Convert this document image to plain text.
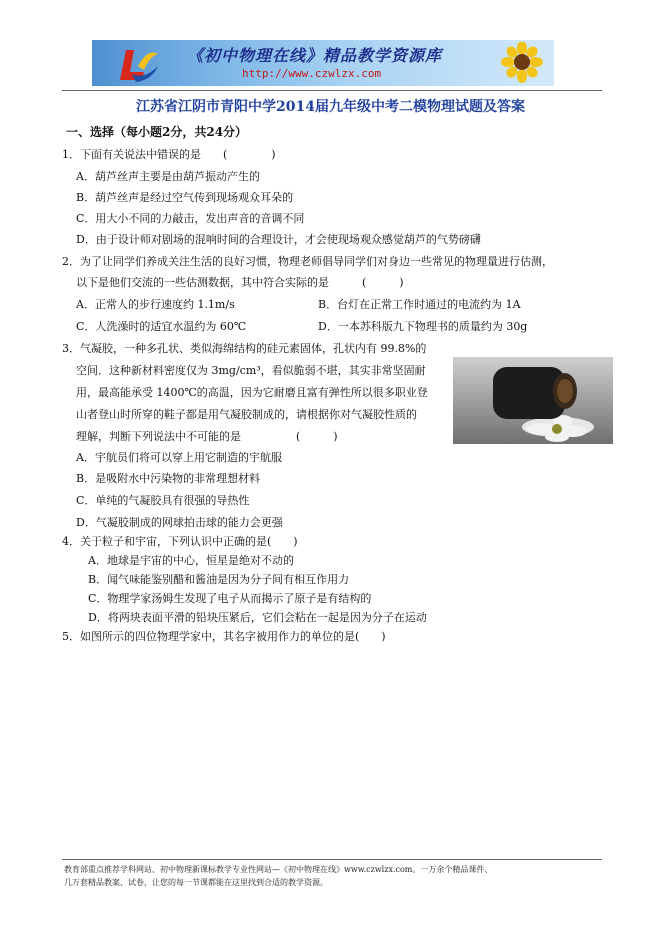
《初中物理在线》精品教学资源库
http://www.czwlzx.com
江苏省江阴市青阳中学2014届九年级中考二模物理试题及答案
一、选择（每小题2分，共24分）
1．下面有关说法中错误的是　　(　　　　)
A．葫芦丝声主要是由葫芦振动产生的
B．葫芦丝声是经过空气传到现场观众耳朵的
C．用大小不同的力敲击，发出声音的音调不同
D．由于设计师对剧场的混响时间的合理设计，才会使现场观众感觉葫芦的气势磅礴
2．为了让同学们养成关注生活的良好习惯，物理老师倡导同学们对身边一些常见的物理量进行估测，
以下是他们交流的一些估测数据，其中符合实际的是　　　(　　　)
A．正常人的步行速度约 1.1m/s	B．台灯在正常工作时通过的电流约为 1A
C．人洗澡时的适宜水温约为 60℃	D．一本苏科版九下物理书的质量约为 30g
3．气凝胶，一种多孔状、类似海绵结构的硅元素固体，孔状内有 99.8%的
空间．这种新材料密度仅为 3mg/cm³，看似脆弱不堪，其实非常坚固耐
用，最高能承受 1400℃的高温，因为它耐磨且富有弹性所以很多职业登
山者登山时所穿的鞋子都是用气凝胶制成的，请根据你对气凝胶性质的
理解，判断下列说法中不可能的是　　　　　(　　　)
A．宇航员们将可以穿上用它制造的宇航服
B．是吸附水中污染物的非常理想材料
C．单纯的气凝胶具有很强的导热性
D．气凝胶制成的网球拍击球的能力会更强
4．关于粒子和宇宙，下列认识中正确的是(　　)
A．地球是宇宙的中心，恒星是绝对不动的
B．闻气味能鉴别醋和酱油是因为分子间有相互作用力
C．物理学家汤姆生发现了电子从而揭示了原子是有结构的
D．将两块表面平滑的铅块压紧后，它们会粘在一起是因为分子在运动
5．如图所示的四位物理学家中，其名字被用作力的单位的是(　　)
教育部重点推荐学科网站、初中物理新课标教学专业性网站—《初中物理在线》www.czwlzx.com。一万余个精品课件、
几万套精品教案、试卷，让您的每一节课都能在这里找到合适的教学资源。
